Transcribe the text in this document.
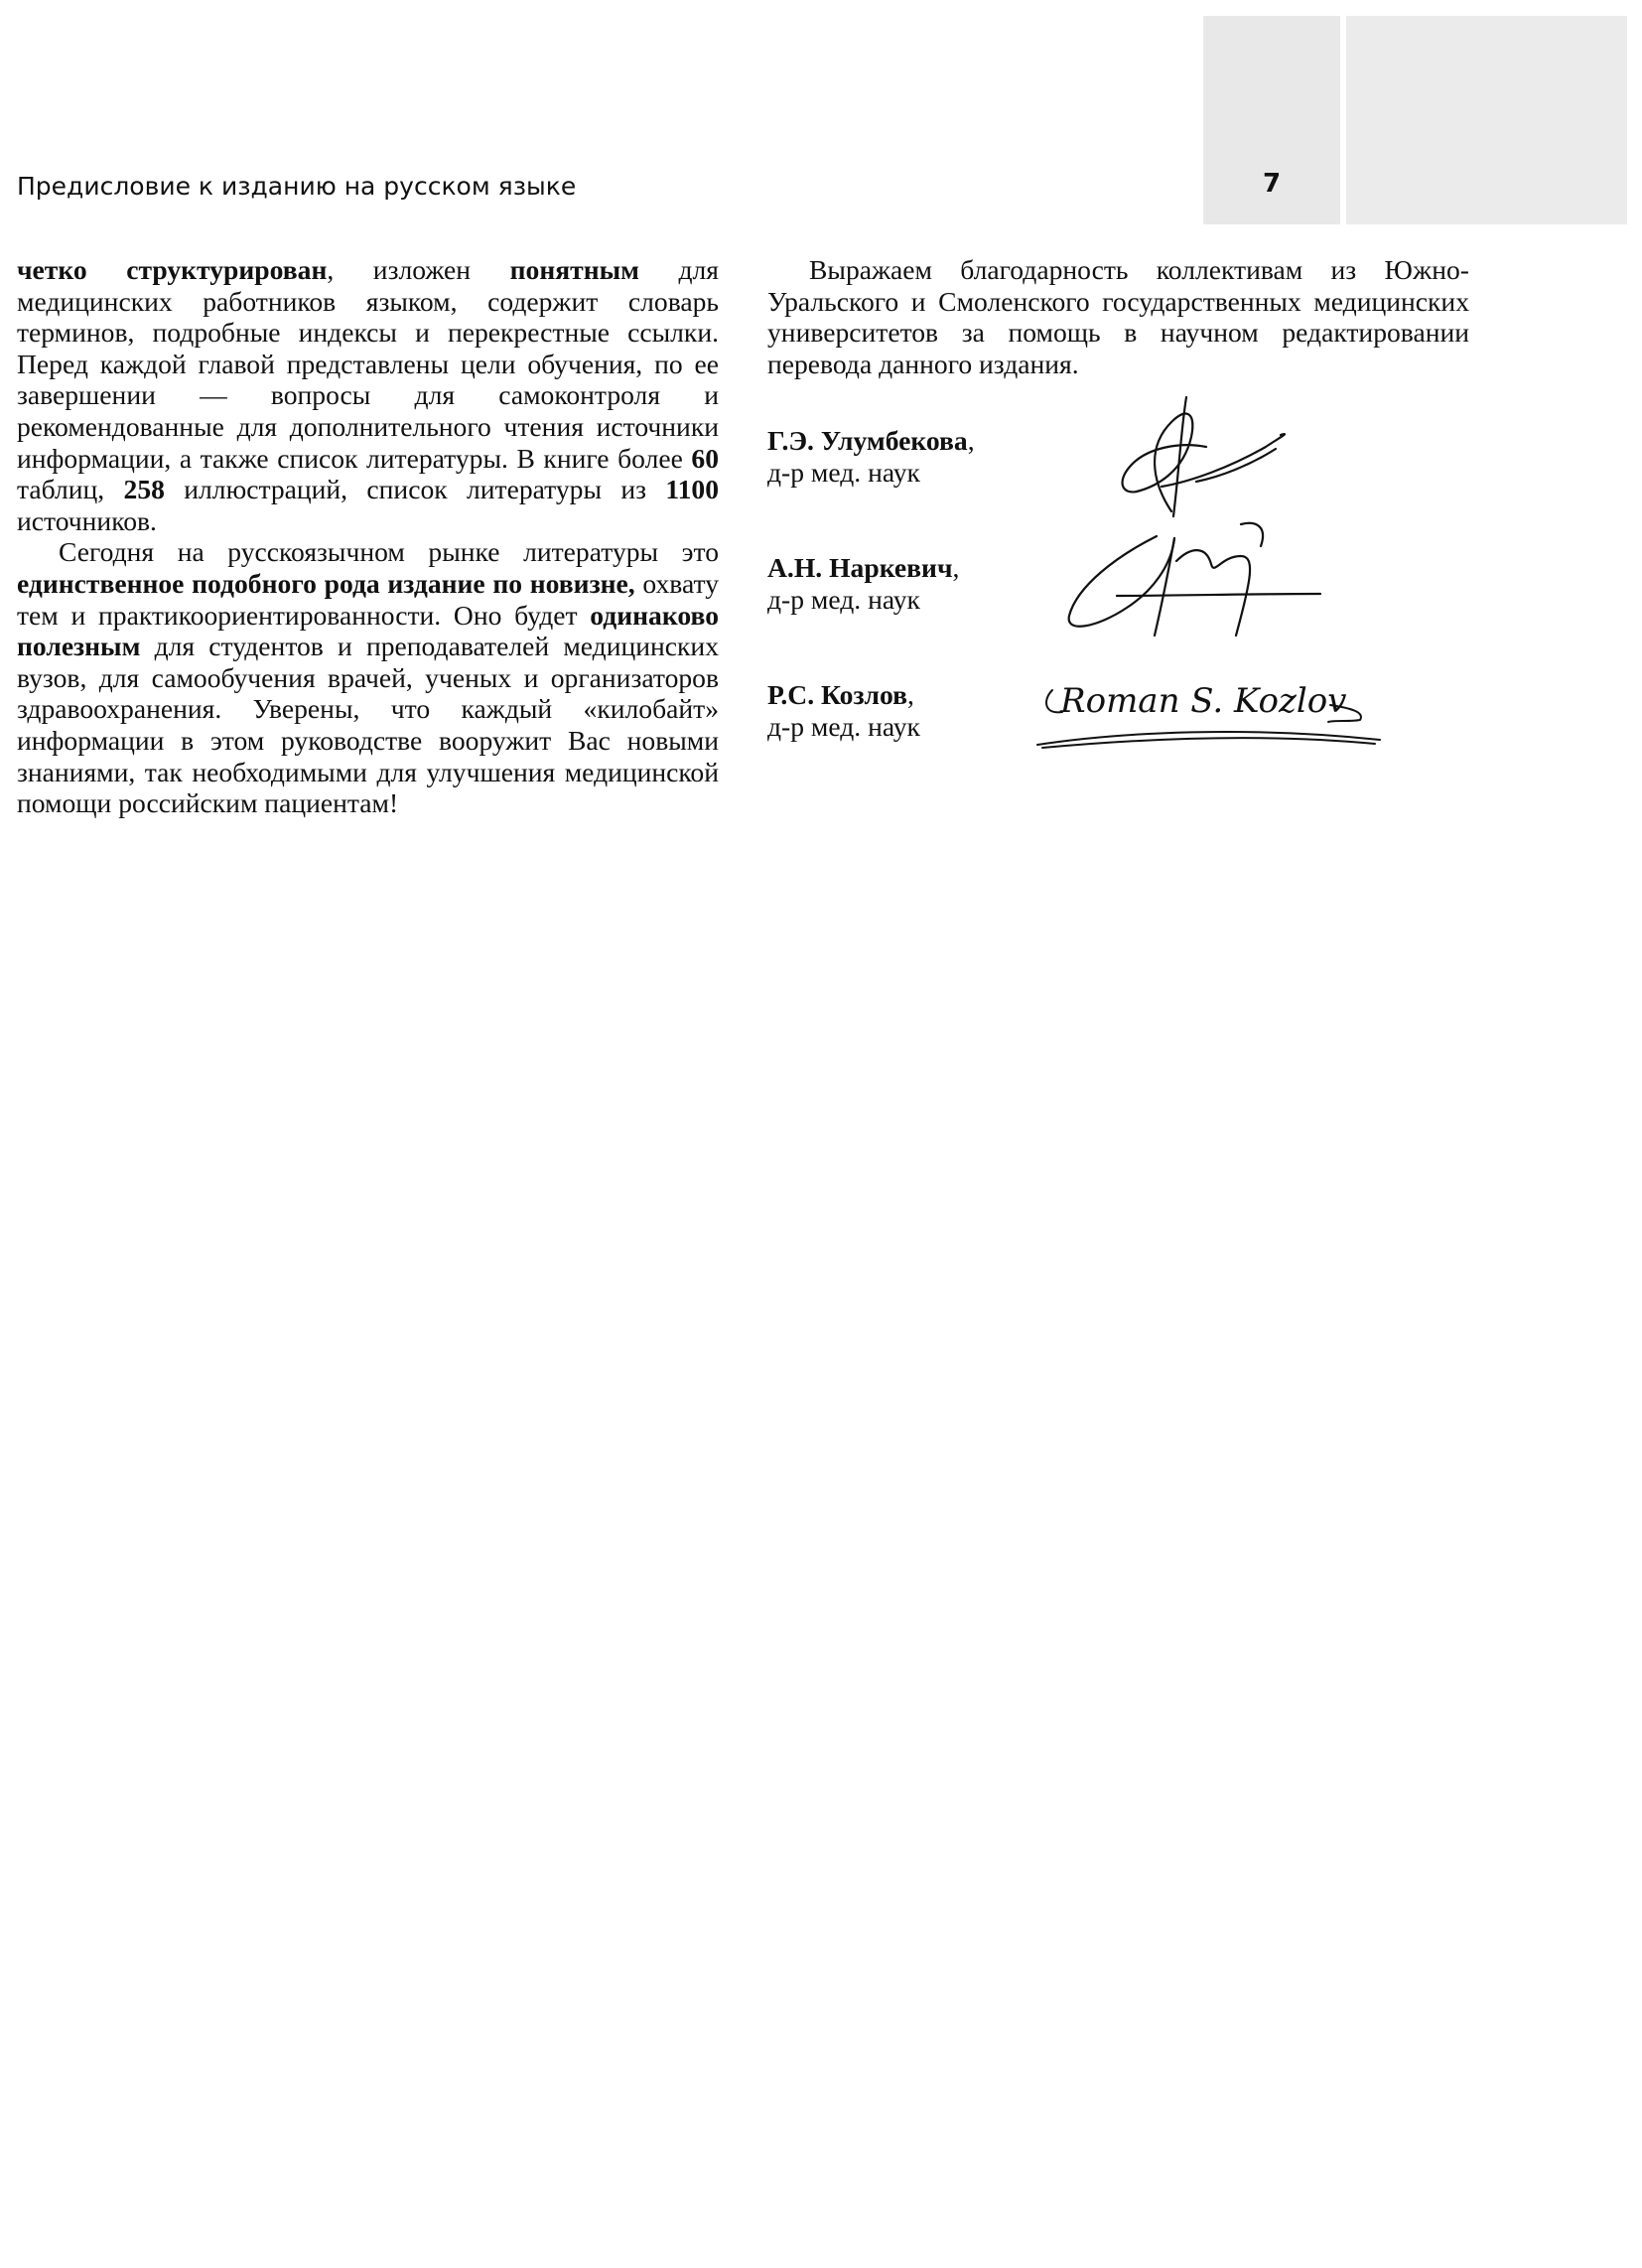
7
Предисловие к изданию на русском языке

четко структурирован, изложен понятным для медицинских работников языком, содержит словарь терминов, подробные индексы и перекрестные ссылки. Перед каждой главой представлены цели обучения, по ее завершении — вопросы для самоконтроля и рекомендованные для дополнительного чтения источники информации, а также список литературы. В книге более 60 таблиц, 258 иллюстраций, список литературы из 1100 источников.

Сегодня на русскоязычном рынке литературы это единственное подобного рода издание по новизне, охвату тем и практикоориентированности. Оно будет одинаково полезным для студентов и преподавателей медицинских вузов, для самообучения врачей, ученых и организаторов здравоохранения. Уверены, что каждый «килобайт» информации в этом руководстве вооружит Вас новыми знаниями, так необходимыми для улучшения медицинской помощи российским пациентам!

Выражаем благодарность коллективам из Южно-Уральского и Смоленского государственных медицинских университетов за помощь в научном редактировании перевода данного издания.

Г.Э. Улумбекова,
д-р мед. наук
А.Н. Наркевич,
д-р мед. наук
Р.С. Козлов,
д-р мед. наук
Roman S. Kozlov
